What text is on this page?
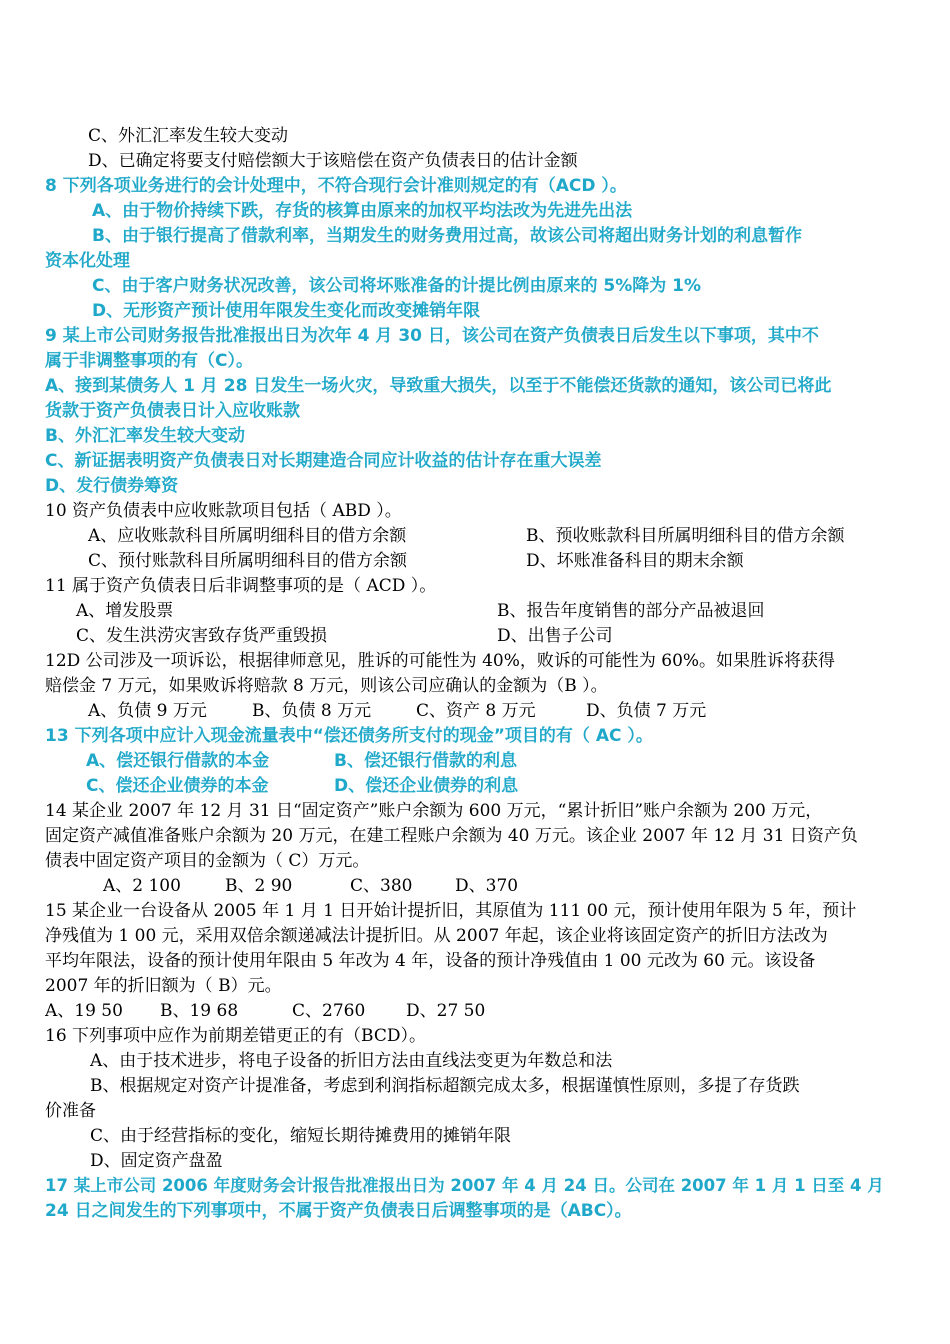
C、外汇汇率发生较大变动
D、已确定将要支付赔偿额大于该赔偿在资产负债表日的估计金额
8 下列各项业务进行的会计处理中，不符合现行会计准则规定的有（ACD ）。
A、由于物价持续下跌，存货的核算由原来的加权平均法改为先进先出法
B、由于银行提高了借款利率，当期发生的财务费用过高，故该公司将超出财务计划的利息暂作
资本化处理
C、由于客户财务状况改善，该公司将坏账准备的计提比例由原来的 5%降为 1%
D、无形资产预计使用年限发生变化而改变摊销年限
9 某上市公司财务报告批准报出日为次年 4 月 30 日，该公司在资产负债表日后发生以下事项，其中不
属于非调整事项的有（C）。
A、接到某债务人 1 月 28 日发生一场火灾，导致重大损失，以至于不能偿还货款的通知，该公司已将此
货款于资产负债表日计入应收账款
B、外汇汇率发生较大变动
C、新证据表明资产负债表日对长期建造合同应计收益的估计存在重大误差
D、发行债券筹资
10 资产负债表中应收账款项目包括（ ABD ）。
A、应收账款科目所属明细科目的借方余额	B、预收账款科目所属明细科目的借方余额
C、预付账款科目所属明细科目的借方余额	D、坏账准备科目的期末余额
11 属于资产负债表日后非调整事项的是（ ACD ）。
A、增发股票	B、报告年度销售的部分产品被退回
C、发生洪涝灾害致存货严重毁损	D、出售子公司
12D 公司涉及一项诉讼，根据律师意见，胜诉的可能性为 40%，败诉的可能性为 60%。如果胜诉将获得
赔偿金 7 万元，如果败诉将赔款 8 万元，则该公司应确认的金额为（B ）。
A、负债 9 万元	B、负债 8 万元	C、资产 8 万元	D、负债 7 万元
13 下列各项中应计入现金流量表中“偿还债务所支付的现金”项目的有（ AC ）。
A、偿还银行借款的本金	B、偿还银行借款的利息
C、偿还企业债券的本金	D、偿还企业债券的利息
14 某企业 2007 年 12 月 31 日“固定资产”账户余额为 600 万元，“累计折旧”账户余额为 200 万元，
固定资产减值准备账户余额为 20 万元，在建工程账户余额为 40 万元。该企业 2007 年 12 月 31 日资产负
债表中固定资产项目的金额为（ C）万元。
A、2 100	B、2 90	C、380	D、370
15 某企业一台设备从 2005 年 1 月 1 日开始计提折旧，其原值为 111 00 元，预计使用年限为 5 年，预计
净残值为 1 00 元，采用双倍余额递减法计提折旧。从 2007 年起，该企业将该固定资产的折旧方法改为
平均年限法，设备的预计使用年限由 5 年改为 4 年，设备的预计净残值由 1 00 元改为 60 元。该设备
2007 年的折旧额为（ B）元。
A、19 50 B、19 68	C、2760 D、27 50
16 下列事项中应作为前期差错更正的有（BCD）。
A、由于技术进步，将电子设备的折旧方法由直线法变更为年数总和法
B、根据规定对资产计提准备，考虑到利润指标超额完成太多，根据谨慎性原则，多提了存货跌
价准备
C、由于经营指标的变化，缩短长期待摊费用的摊销年限
D、固定资产盘盈
17 某上市公司 2006 年度财务会计报告批准报出日为 2007 年 4 月 24 日。公司在 2007 年 1 月 1 日至 4 月
24 日之间发生的下列事项中，不属于资产负债表日后调整事项的是（ABC）。
